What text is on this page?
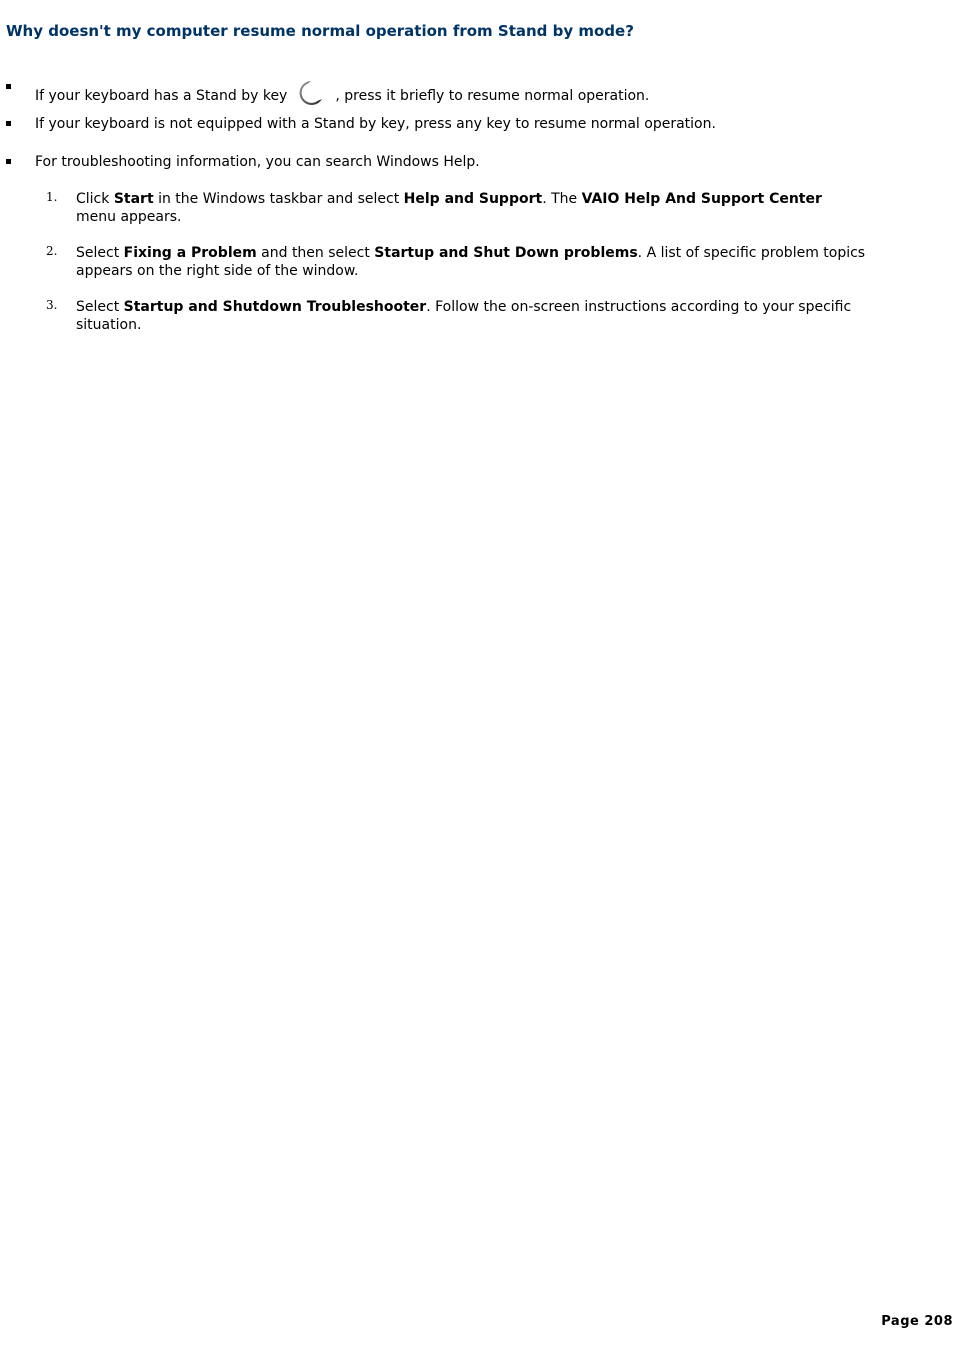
Why doesn't my computer resume normal operation from Stand by mode?
If your keyboard has a Stand by key	, press it briefly to resume normal operation.
If your keyboard is not equipped with a Stand by key, press any key to resume normal operation.
For troubleshooting information, you can search Windows Help.
1. Click Start in the Windows taskbar and select Help and Support. The VAIO Help And Support Center menu appears.
2. Select Fixing a Problem and then select Startup and Shut Down problems. A list of specific problem topics appears on the right side of the window.
3. Select Startup and Shutdown Troubleshooter. Follow the on-screen instructions according to your specific situation.
Page 208
